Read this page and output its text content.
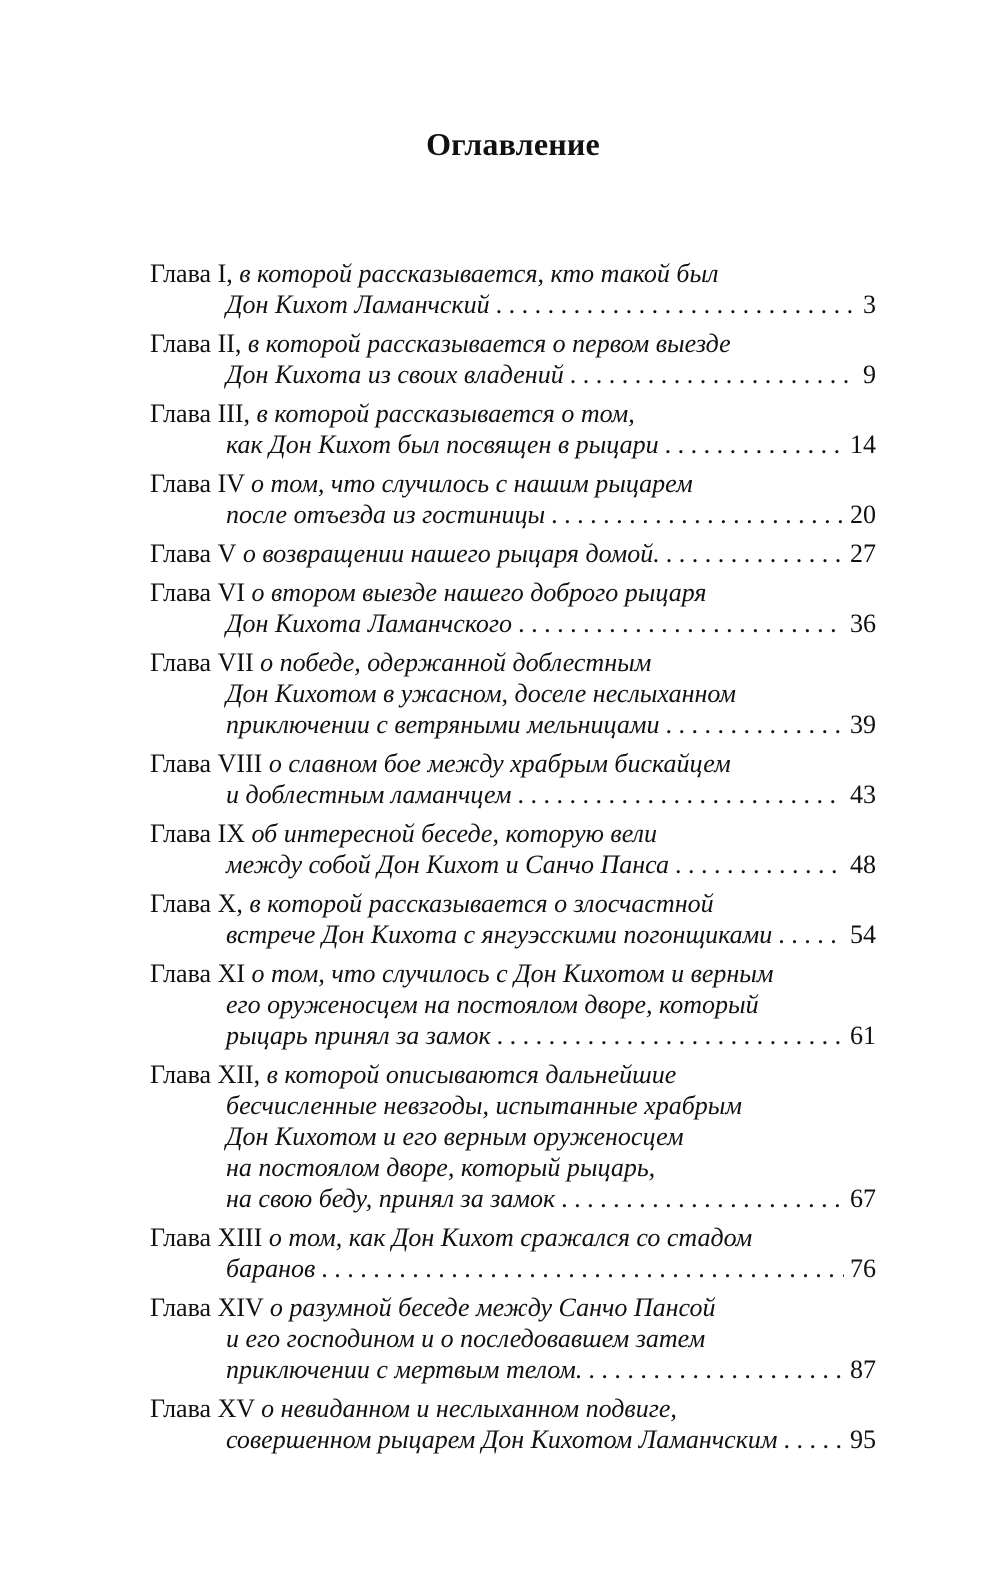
Оглавление
Глава I, в которой рассказывается, кто такой был
Дон Кихот Ламанчский . . .	3
Глава II, в которой рассказывается о первом выезде
Дон Кихота из своих владений . . .	9
Глава III, в которой рассказывается о том,
как Дон Кихот был посвящен в рыцари . . .	14
Глава IV о том, что случилось с нашим рыцарем
после отъезда из гостиницы . . .	20
Глава V о возвращении нашего рыцаря домой. . . .	27
Глава VI о втором выезде нашего доброго рыцаря
Дон Кихота Ламанчского . . .	36
Глава VII о победе, одержанной доблестным
Дон Кихотом в ужасном, доселе неслыханном
приключении с ветряными мельницами . . .	39
Глава VIII о славном бое между храбрым бискайцем
и доблестным ламанчцем . . .	43
Глава IX об интересной беседе, которую вели
между собой Дон Кихот и Санчо Панса . . .	48
Глава X, в которой рассказывается о злосчастной
встрече Дон Кихота с янгуэсскими погонщиками . . .	54
Глава XI о том, что случилось с Дон Кихотом и верным
его оруженосцем на постоялом дворе, который
рыцарь принял за замок . . .	61
Глава XII, в которой описываются дальнейшие
бесчисленные невзгоды, испытанные храбрым
Дон Кихотом и его верным оруженосцем
на постоялом дворе, который рыцарь,
на свою беду, принял за замок . . .	67
Глава XIII о том, как Дон Кихот сражался со стадом
баранов . . .	76
Глава XIV о разумной беседе между Санчо Пансой
и его господином и о последовавшем затем
приключении с мертвым телом. . . .	87
Глава XV о невиданном и неслыханном подвиге,
совершенном рыцарем Дон Кихотом Ламанчским . . .	95
